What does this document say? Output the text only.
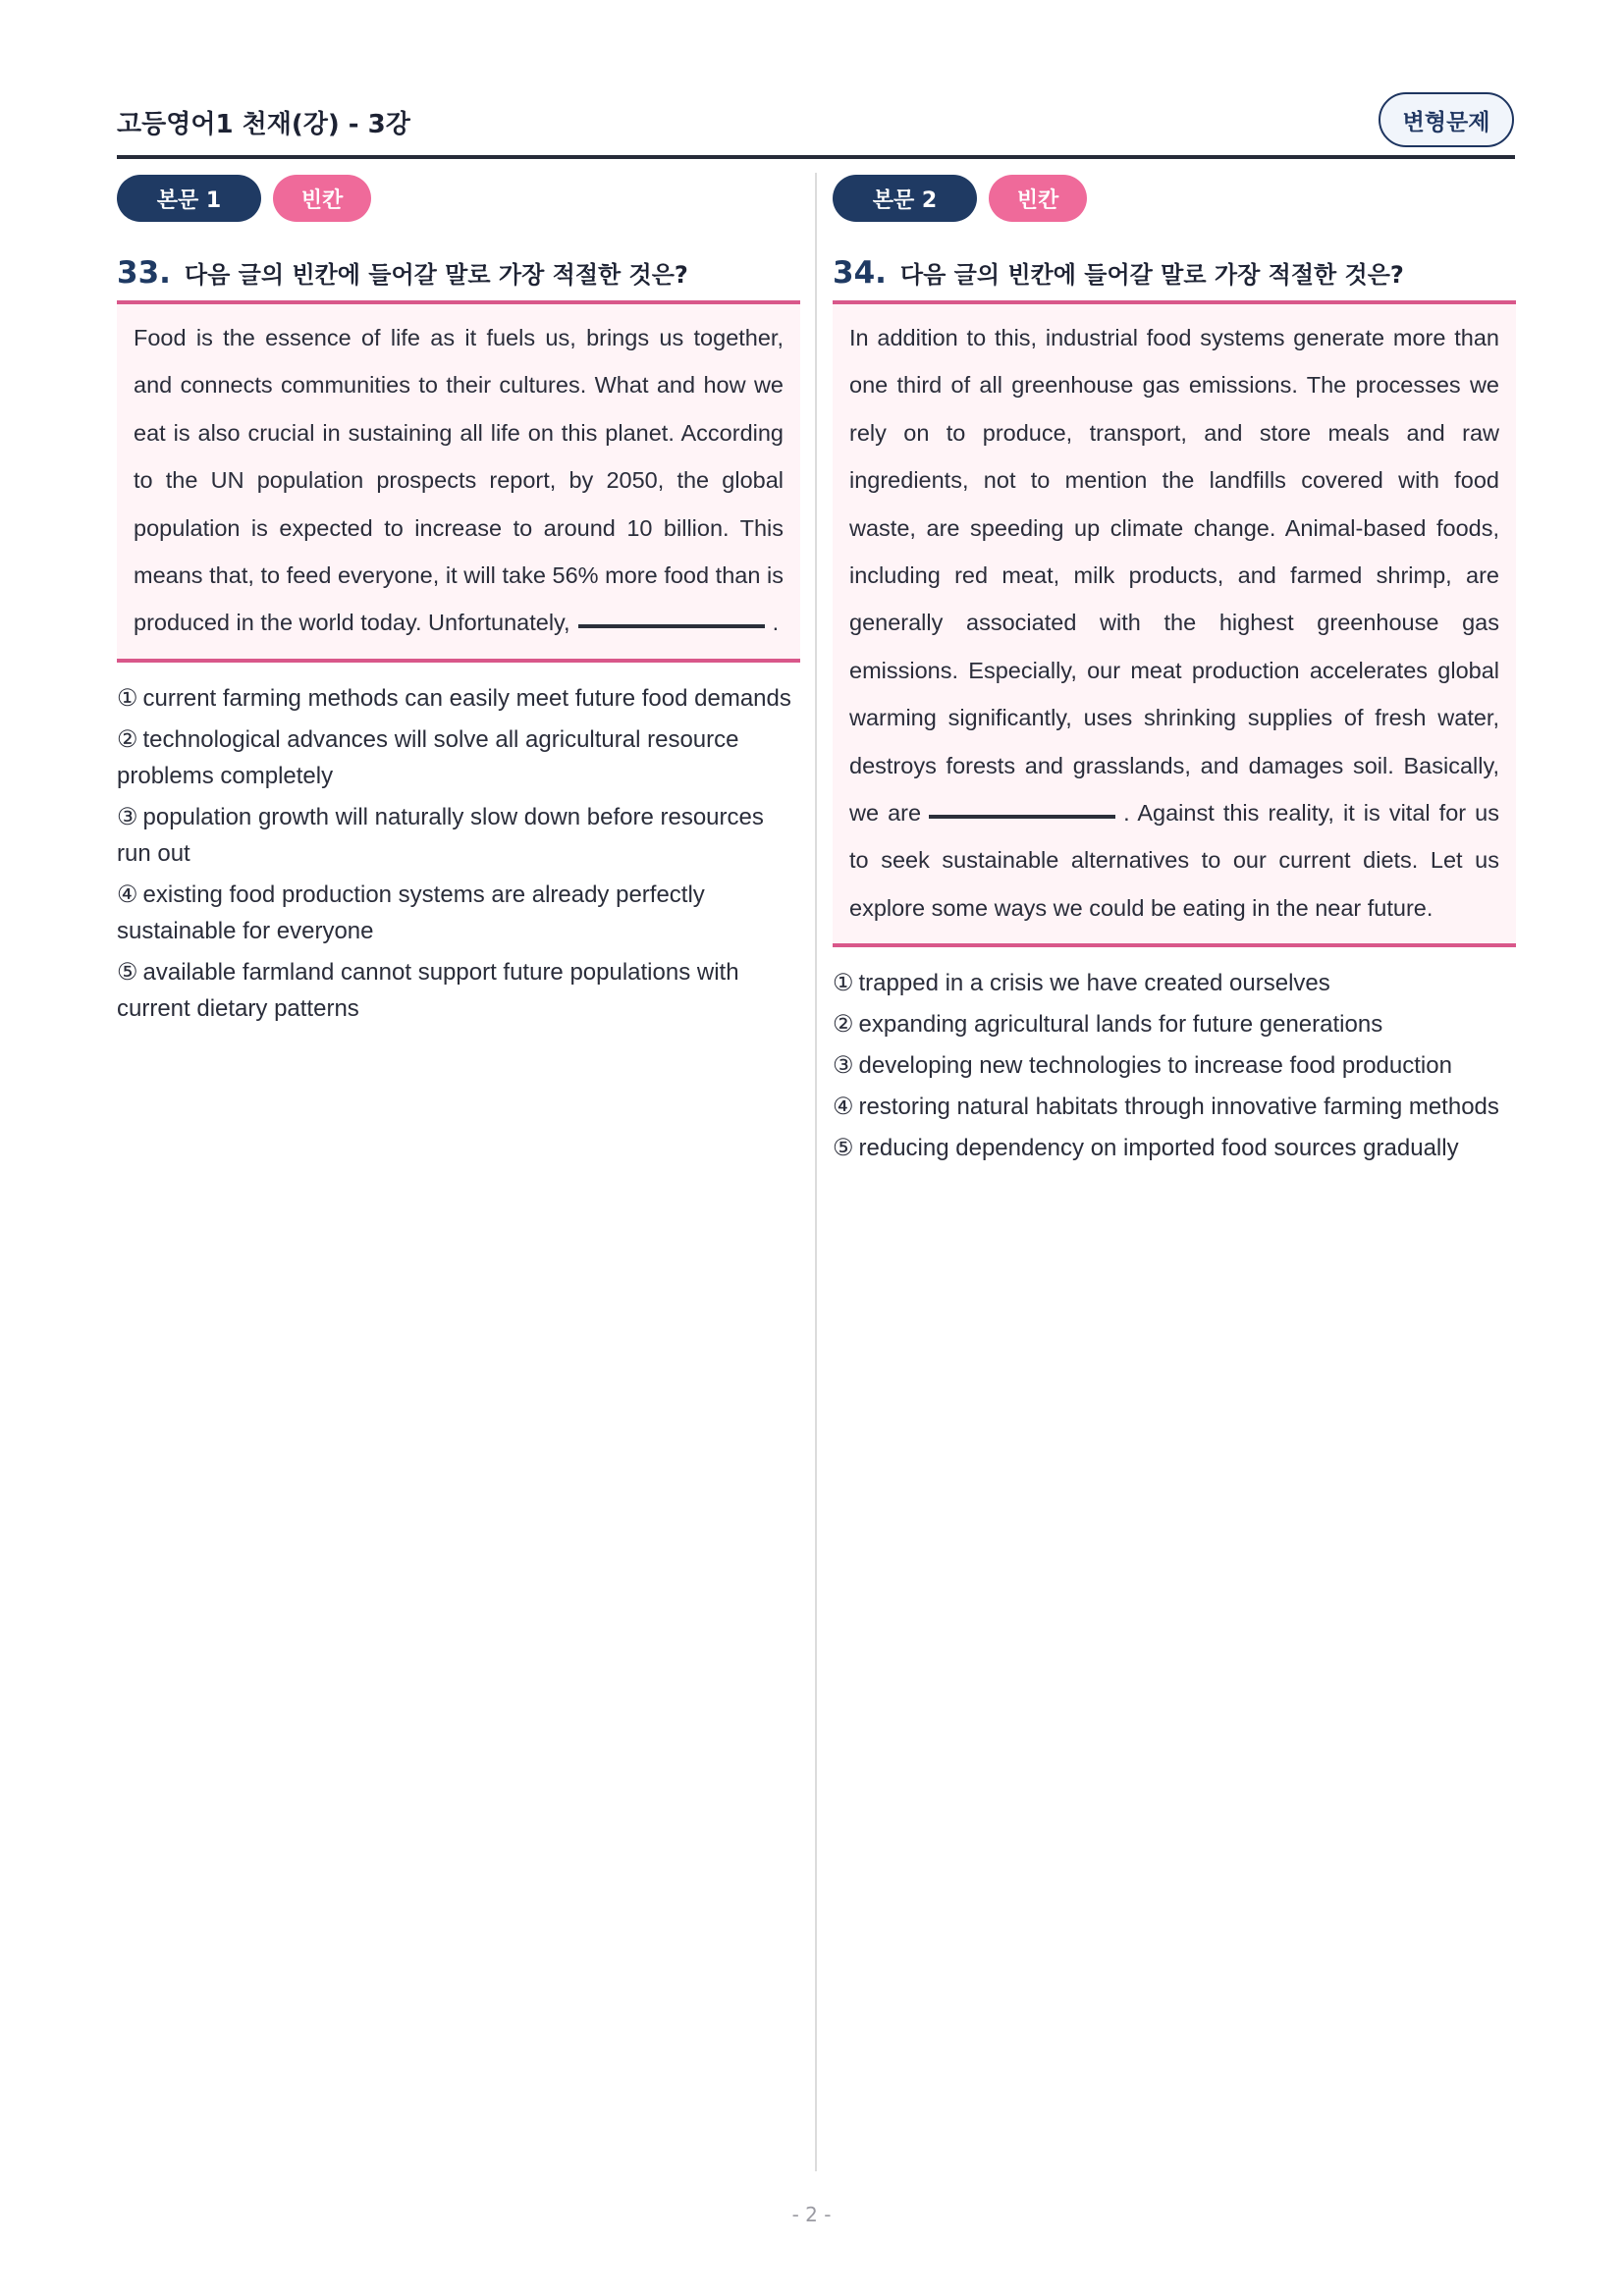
고등영어1 천재(강) - 3강	변형문제
본문 1	빈칸
33. 다음 글의 빈칸에 들어갈 말로 가장 적절한 것은?

Food is the essence of life as it fuels us, brings us together, and connects communities to their cultures. What and how we eat is also crucial in sustaining all life on this planet. According to the UN population prospects report, by 2050, the global population is expected to increase to around 10 billion. This means that, to feed everyone, it will take 56% more food than is produced in the world today. Unfortunately,	.

① current farming methods can easily meet future food demands
② technological advances will solve all agricultural resource problems completely
③ population growth will naturally slow down before resources run out
④ existing food production systems are already perfectly sustainable for everyone
⑤ available farmland cannot support future populations with current dietary patterns
본문 2	빈칸
34. 다음 글의 빈칸에 들어갈 말로 가장 적절한 것은?

In addition to this, industrial food systems generate more than one third of all greenhouse gas emissions. The processes we rely on to produce, transport, and store meals and raw ingredients, not to mention the landfills covered with food waste, are speeding up climate change. Animal-based foods, including red meat, milk products, and farmed shrimp, are generally associated with the highest greenhouse gas emissions. Especially, our meat production accelerates global warming significantly, uses shrinking supplies of fresh water, destroys forests and grasslands, and damages soil. Basically, we are	. Against this reality, it is vital for us to seek sustainable alternatives to our current diets. Let us explore some ways we could be eating in the near future.

① trapped in a crisis we have created ourselves
② expanding agricultural lands for future generations
③ developing new technologies to increase food production
④ restoring natural habitats through innovative farming methods
⑤ reducing dependency on imported food sources gradually
- 2 -
